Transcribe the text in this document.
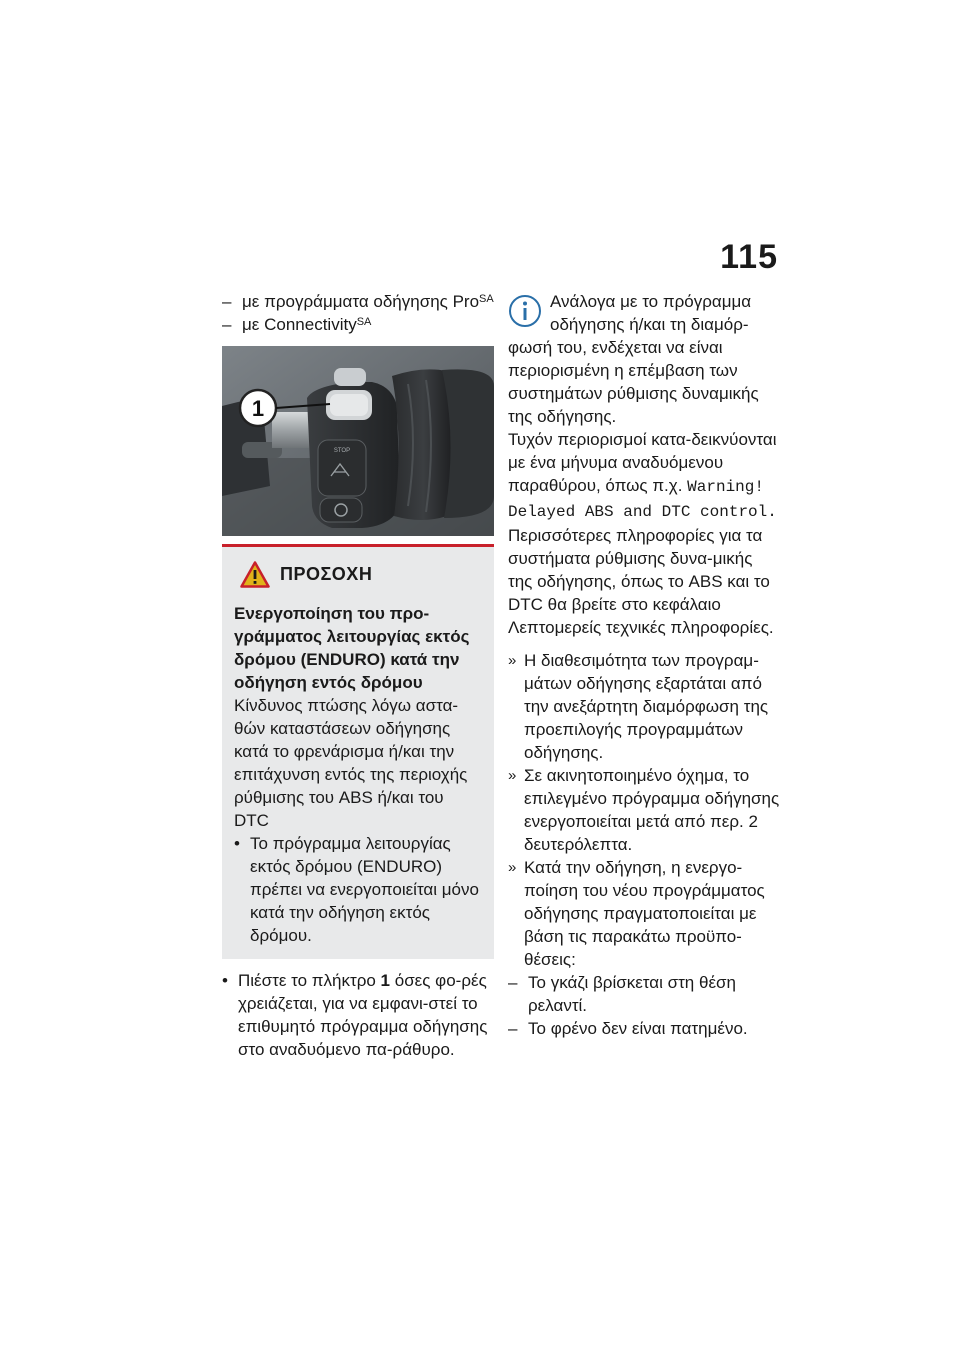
115
– με προγράμματα οδήγησης Pro$^{SA}$
– με Connectivity$^{SA}$
STOP
1
ΠΡΟΣΟΧΗ
Ενεργοποίηση του προ-γράμματος λειτουργίας εκτός δρόμου (ENDURO) κατά την οδήγηση εντός δρόμου
Κίνδυνος πτώσης λόγω αστα-θών καταστάσεων οδήγησης κατά το φρενάρισμα ή/και την επιτάχυνση εντός της περιοχής ρύθμισης του ABS ή/και του DTC
• Το πρόγραμμα λειτουργίας εκτός δρόμου (ENDURO) πρέπει να ενεργοποιείται μόνο κατά την οδήγηση εκτός δρόμου.
• Πιέστε το πλήκτρο 1 όσες φο-ρές χρειάζεται, για να εμφανι-στεί το επιθυμητό πρόγραμμα οδήγησης στο αναδυόμενο πα-ράθυρο.
Ανάλογα με το πρόγραμμα
οδήγησης ή/και τη διαμόρ-
φωσή του, ενδέχεται να είναι περιορισμένη η επέμβαση των συστημάτων ρύθμισης δυναμικής της οδήγησης.
Τυχόν περιορισμοί κατα-δεικνύονται με ένα μήνυμα αναδυόμενου παραθύρου, όπως π.χ. Warning! Delayed ABS and DTC control.
Περισσότερες πληροφορίες για τα συστήματα ρύθμισης δυνα-μικής της οδήγησης, όπως το ABS και το DTC θα βρείτε στο κεφάλαιο Λεπτομερείς τεχνικές πληροφορίες.
» Η διαθεσιμότητα των προγραμ-μάτων οδήγησης εξαρτάται από την ανεξάρτητη διαμόρφωση της προεπιλογής προγραμμάτων οδήγησης.
» Σε ακινητοποιημένο όχημα, το επιλεγμένο πρόγραμμα οδήγησης ενεργοποιείται μετά από περ. 2 δευτερόλεπτα.
» Κατά την οδήγηση, η ενεργο-ποίηση του νέου προγράμματος οδήγησης πραγματοποιείται με βάση τις παρακάτω προϋπο-θέσεις:
– Το γκάζι βρίσκεται στη θέση ρελαντί.
– Το φρένο δεν είναι πατημένο.
